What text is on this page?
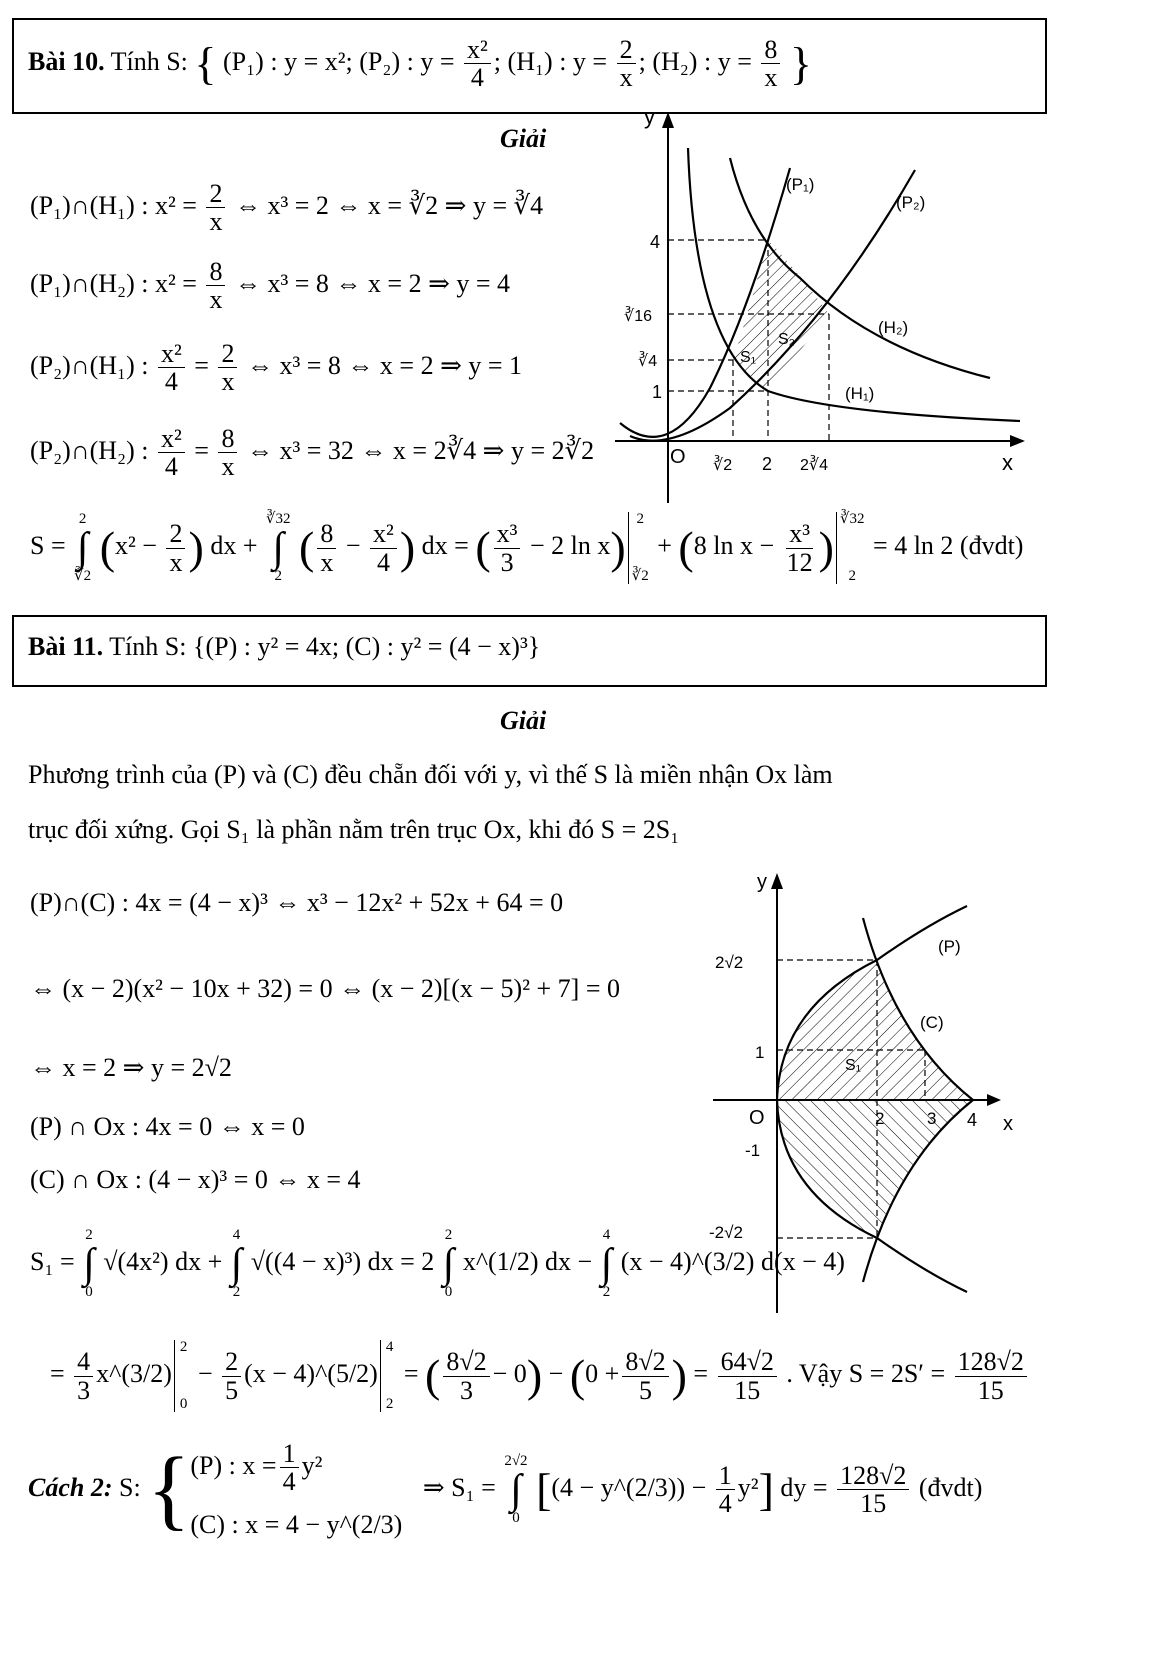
Bài 10. Tính S: { (P₁) : y = x²; (P₂) : $y = \frac{\text{x²}}{4}$ ; (H₁) : $y = \frac{2}{x}$ ; (H₂) : $y = \frac{8}{x}$ }
Giải
(P₁)∩(H₁) : $x^2 = \frac{2}{x}$ ⇔ x³ = 2 ⇔ x = ∛2 ⇒ y = ∛4
(P₁)∩(H₂) : $x^2 = \frac{8}{x}$ ⇔ x³ = 8 ⇔ x = 2 ⇒ y = 4
(P₂)∩(H₁) : $\frac{\text{x²}}{4} = \frac{2}{x}$ ⇔ x³ = 8 ⇔ x = 2 ⇒ y = 1
(P₂)∩(H₂) : $\frac{\text{x²}}{4} = \frac{8}{x}$ ⇔ x³ = 32 ⇔ x = 2∛4 ⇒ y = 2∛2
S =
2
∫
∛2
($x^2 - \frac{2}{x}$ ) dx +
∛32
∫
2
( $\frac{8}{x} - \frac{\text{x²}}{4}$ ) dx = ( $\frac{\text{x³}}{3} - 2$ ln x)
2
∛2
+ (8 $\ln x - \frac{\text{x³}}{12}$ )
∛32
2
= 4 ln 2 (đvdt)
y
x
O
(P₁)
(P₂)
(H₂)
(H₁)
S₁
S₂
4
∛16
∛4
1
∛2 2 2∛4
Bài 11. Tính S: {(P) : y² = 4x; (C) : y² = (4 − x)³}
Giải
Phương trình của (P) và (C) đều chẵn đối với y, vì thế S là miền nhận Ox làm
trục đối xứng. Gọi S₁ là phần nằm trên trục Ox, khi đó S = 2S₁
(P)∩(C) : 4x = (4 − x)³ ⇔ x³ − 12x² + 52x + 64 = 0
⇔ (x − 2)(x² − 10x + 32) = 0 ⇔ (x − 2)[(x − 5)² + 7] = 0
⇔ x = 2 ⇒ y = 2√2
(P) ∩ Ox : 4x = 0 ⇔ x = 0
(C) ∩ Ox : (4 − x)³ = 0 ⇔ x = 4
S₁ =
2
∫
0
√(4x²) dx +
4
∫
2
√((4 − x)³) dx = 2
2
∫
0
x^(1/2) dx −
4
∫
2
(x − 4)^(3/2) d(x − 4)
= $\frac{4}{3}$ x^(3/2)
2
0
− $\frac{2}{5} (x$ − 4)^(5/2)
4
2
= ( $\frac{8√2}{3} - 0) - (0 + \frac{8√2}{5}$ ) = $\frac{64√2}{15}$ . Vậy $S = 2S' = \frac{128√2}{15}$
Cách 2: S: { (P) : $x = \frac{1}{4} y^2$
(C) : x = 4 − y^(2/3)
⇒ S₁ =
2√2
∫
0
[(4 − y^(2/3)) − $\frac{1}{4} y^2$] dy = $\frac{128√2}{15}$ (đvdt)
y
x
O
(P)
(C)
S₁
2√2
1
-1
-2√2
2	3 4
